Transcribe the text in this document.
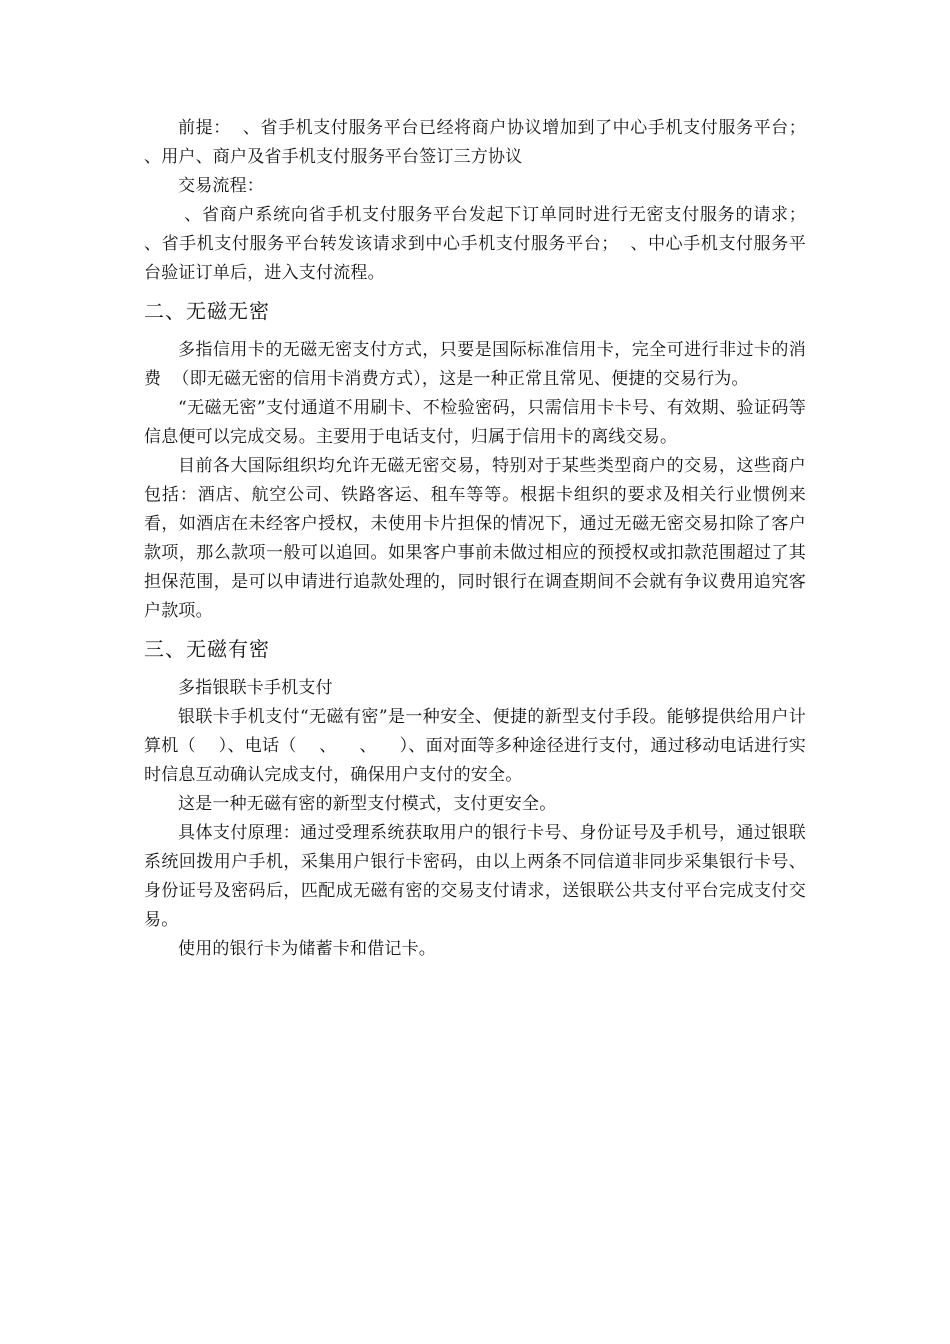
前提：  、省手机支付服务平台已经将商户协议增加到了中心手机支付服务平台；  、用户、商户及省手机支付服务平台签订三方协议

交易流程：

、省商户系统向省手机支付服务平台发起下订单同时进行无密支付服务的请求；  、省手机支付服务平台转发该请求到中心手机支付服务平台；  、中心手机支付服务平台验证订单后，进入支付流程。

二、无磁无密

多指信用卡的无磁无密支付方式，只要是国际标准信用卡，完全可进行非过卡的消费  （即无磁无密的信用卡消费方式），这是一种正常且常见、便捷的交易行为。

“无磁无密”支付通道不用刷卡、不检验密码，只需信用卡卡号、有效期、验证码等信息便可以完成交易。主要用于电话支付，归属于信用卡的离线交易。

目前各大国际组织均允许无磁无密交易，特别对于某些类型商户的交易，这些商户包括：酒店、航空公司、铁路客运、租车等等。根据卡组织的要求及相关行业惯例来看，如酒店在未经客户授权，未使用卡片担保的情况下，通过无磁无密交易扣除了客户款项，那么款项一般可以追回。如果客户事前未做过相应的预授权或扣款范围超过了其担保范围，是可以申请进行追款处理的，同时银行在调查期间不会就有争议费用追究客户款项。

三、无磁有密

多指银联卡手机支付

银联卡手机支付“无磁有密”是一种安全、便捷的新型支付手段。能够提供给用户计算机（    ）、电话（    、    、    ）、面对面等多种途径进行支付，通过移动电话进行实时信息互动确认完成支付，确保用户支付的安全。

这是一种无磁有密的新型支付模式，支付更安全。

具体支付原理：通过受理系统获取用户的银行卡号、身份证号及手机号，通过银联      系统回拨用户手机，采集用户银行卡密码，由以上两条不同信道非同步采集银行卡号、身份证号及密码后，匹配成无磁有密的交易支付请求，送银联公共支付平台完成支付交易。

使用的银行卡为储蓄卡和借记卡。
